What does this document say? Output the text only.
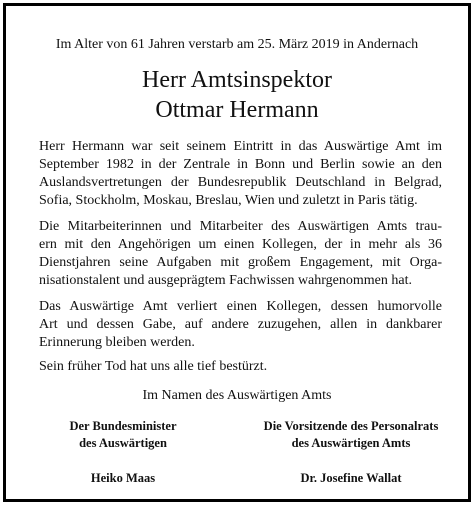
Im Alter von 61 Jahren verstarb am 25. März 2019 in Andernach
Herr Amtsinspektor
Ottmar Hermann
Herr Hermann war seit seinem Eintritt in das Auswärtige Amt im
September 1982 in der Zentrale in Bonn und Berlin sowie an den
Auslandsvertretungen der Bundesrepublik Deutschland in Belgrad,
Sofia, Stockholm, Moskau, Breslau, Wien und zuletzt in Paris tätig.
Die Mitarbeiterinnen und Mitarbeiter des Auswärtigen Amts trau-
ern mit den Angehörigen um einen Kollegen, der in mehr als 36
Dienstjahren seine Aufgaben mit großem Engagement, mit Orga-
nisationstalent und ausgeprägtem Fachwissen wahrgenommen hat.
Das Auswärtige Amt verliert einen Kollegen, dessen humorvolle
Art und dessen Gabe, auf andere zuzugehen, allen in dankbarer
Erinnerung bleiben werden.
Sein früher Tod hat uns alle tief bestürzt.
Im Namen des Auswärtigen Amts
Der Bundesminister
des Auswärtigen
Heiko Maas
Die Vorsitzende des Personalrats
des Auswärtigen Amts
Dr. Josefine Wallat
